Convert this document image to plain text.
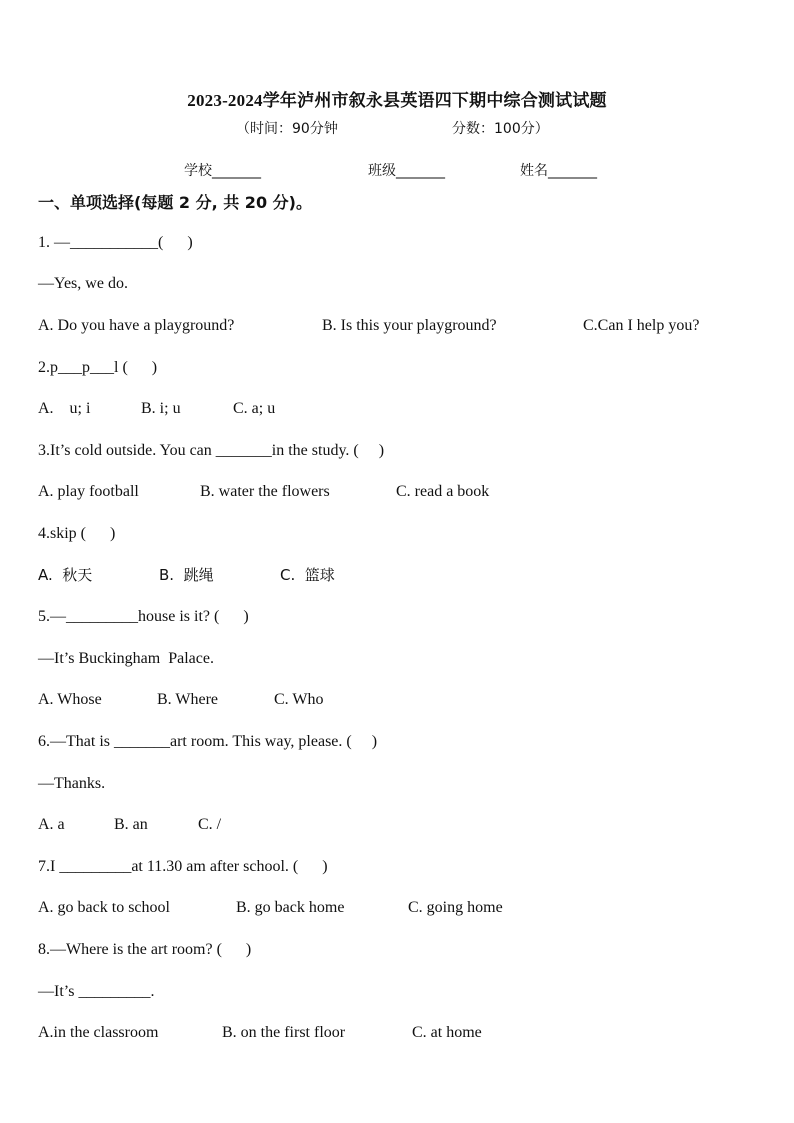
2023-2024学年泸州市叙永县英语四下期中综合测试试题
（时间：90分钟	分数：100分）
学校_______	班级_______	姓名_______
一、单项选择(每题 2 分, 共 20 分)。
1. —___________(      )
—Yes, we do.
A. Do you have a playground?	B. Is this your playground?	C.Can I help you?
2.p___p___l (      )
A.    u; i	B. i; u	C. a; u
3.It’s cold outside. You can _______in the study. (     )
A. play football	B. water the flowers	C. read a book
4.skip (      )
A.  秋天	B.  跳绳	C.  篮球
5.—_________house is it? (      )
—It’s Buckingham  Palace.
A. Whose	B. Where	C. Who
6.—That is _______art room. This way, please. (     )
—Thanks.
A. a	B. an	C. /
7.I _________at 11.30 am after school. (      )
A. go back to school	B. go back home	C. going home
8.—Where is the art room? (      )
—It’s _________.
A.in the classroom	B. on the first floor	C. at home
